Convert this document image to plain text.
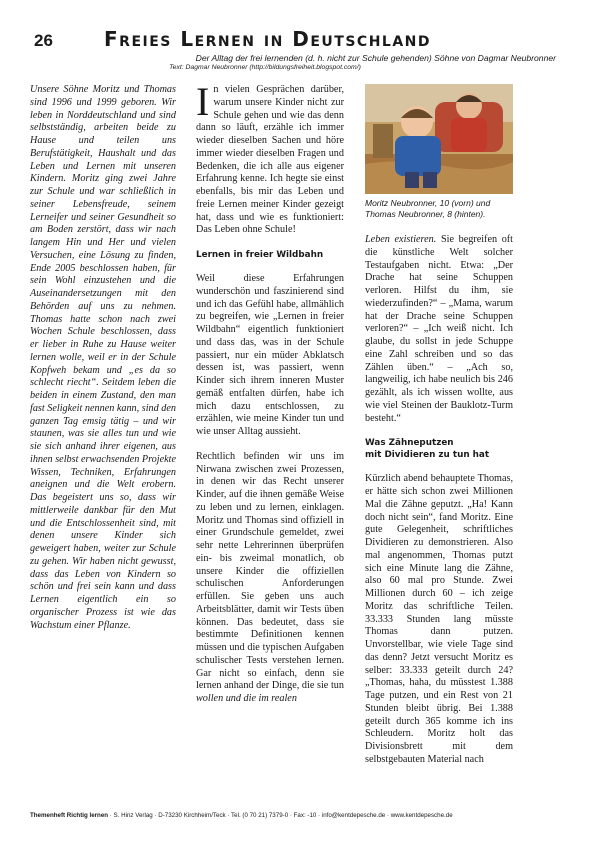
26	Freies Lernen in Deutschland
Der Alltag der frei lernenden (d. h. nicht zur Schule gehenden) Söhne von Dagmar Neubronner
Text: Dagmar Neubronner (http://bildungsfreiheit.blogspot.com/)

Unsere Söhne Moritz und Thomas sind 1996 und 1999 geboren. Wir leben in Norddeutschland und sind selbstständig, arbeiten beide zu Hause und teilen uns Berufstätigkeit, Haushalt und das Leben und Lernen mit unseren Kindern. Moritz ging zwei Jahre zur Schule und war schließlich in seiner Lebensfreude, seinem Lerneifer und seiner Gesundheit so am Boden zerstört, dass wir nach langem Hin und Her und vielen Versuchen, eine Lösung zu finden, Ende 2005 beschlossen haben, für sein Wohl einzustehen und die Auseinandersetzungen mit den Behörden auf uns zu nehmen. Thomas hatte schon nach zwei Wochen Schule beschlossen, dass er lieber in Ruhe zu Hause weiter lernen wolle, weil er in der Schule Kopfweh bekam und „es da so schlecht riecht“. Seitdem leben die beiden in einem Zustand, den man fast Seligkeit nennen kann, sind den ganzen Tag emsig tätig – und wir staunen, was sie alles tun und wie sie sich anhand ihrer eigenen, aus ihnen selbst erwachsenden Projekte Wissen, Techniken, Erfahrungen aneignen und die Welt erobern. Das begeistert uns so, dass wir mittlerweile dankbar für den Mut und die Entschlossenheit sind, mit denen unsere Kinder sich geweigert haben, weiter zur Schule zu gehen. Wir haben nicht gewusst, dass das Leben von Kindern so schön und frei sein kann und dass Lernen eigentlich ein so organischer Prozess ist wie das Wachstum einer Pflanze.

In vielen Gesprächen darüber, warum unsere Kinder nicht zur Schule gehen und wie das denn dann so läuft, erzähle ich immer wieder dieselben Sachen und höre immer wieder dieselben Fragen und Bedenken, die ich alle aus eigener Erfahrung kenne. Ich hegte sie einst ebenfalls, bis mir das Leben und freie Lernen meiner Kinder gezeigt hat, dass und wie es funktioniert: Das Leben ohne Schule!

Lernen in freier Wildbahn

Weil diese Erfahrungen wunderschön und faszinierend sind und ich das Gefühl habe, allmählich zu begreifen, wie „Lernen in freier Wildbahn“ eigentlich funktioniert und dass das, was in der Schule passiert, nur ein müder Abklatsch dessen ist, was passiert, wenn Kinder sich ihrem inneren Muster gemäß entfalten dürfen, habe ich mich dazu entschlossen, zu erzählen, wie meine Kinder tun und wie unser Alltag aussieht.

Rechtlich befinden wir uns im Nirwana zwischen zwei Prozessen, in denen wir das Recht unserer Kinder, auf die ihnen gemäße Weise zu leben und zu lernen, einklagen. Moritz und Thomas sind offiziell in einer Grundschule gemeldet, zwei sehr nette Lehrerinnen überprüfen ein- bis zweimal monatlich, ob unsere Kinder die offiziellen schulischen Anforderungen erfüllen. Sie geben uns auch Arbeitsblätter, damit wir Tests üben können. Das bedeutet, dass sie bestimmte Definitionen kennen müssen und die typischen Aufgaben schulischer Tests verstehen lernen. Gar nicht so einfach, denn sie lernen anhand der Dinge, die sie tun wollen und die im realen

Moritz Neubronner, 10 (vorn) und Thomas Neubronner, 8 (hinten).

Leben existieren. Sie begreifen oft die künstliche Welt solcher Testaufgaben nicht. Etwa: „Der Drache hat seine Schuppen verloren. Hilfst du ihm, sie wiederzufinden?“ – „Mama, warum hat der Drache seine Schuppen verloren?“ – „Ich weiß nicht. Ich glaube, du sollst in jede Schuppe eine Zahl schreiben und so das Zählen üben.“ – „Ach so, langweilig, ich habe neulich bis 246 gezählt, als ich wissen wollte, aus wie viel Steinen der Bauklotz-Turm besteht.“

Was Zähneputzen
mit Dividieren zu tun hat

Kürzlich abend behauptete Thomas, er hätte sich schon zwei Millionen Mal die Zähne geputzt. „Ha! Kann doch nicht sein“, fand Moritz. Eine gute Gelegenheit, schriftliches Dividieren zu demonstrieren. Also mal angenommen, Thomas putzt sich eine Minute lang die Zähne, also 60 mal pro Stunde. Zwei Millionen durch 60 – ich zeige Moritz das schriftliche Teilen. 33.333 Stunden lang müsste Thomas dann putzen. Unvorstellbar, wie viele Tage sind das denn? Jetzt versucht Moritz es selber: 33.333 geteilt durch 24? „Thomas, haha, du müsstest 1.388 Tage putzen, und ein Rest von 21 Stunden bleibt übrig. Bei 1.388 geteilt durch 365 komme ich ins Schleudern. Moritz holt das Divisionsbrett mit dem selbstgebauten Material nach

Themenheft Richtig lernen · S. Hinz Verlag · D-73230 Kirchheim/Teck · Tel. (0 70 21) 7379-0 · Fax: -10 · info@kentdepesche.de · www.kentdepesche.de
